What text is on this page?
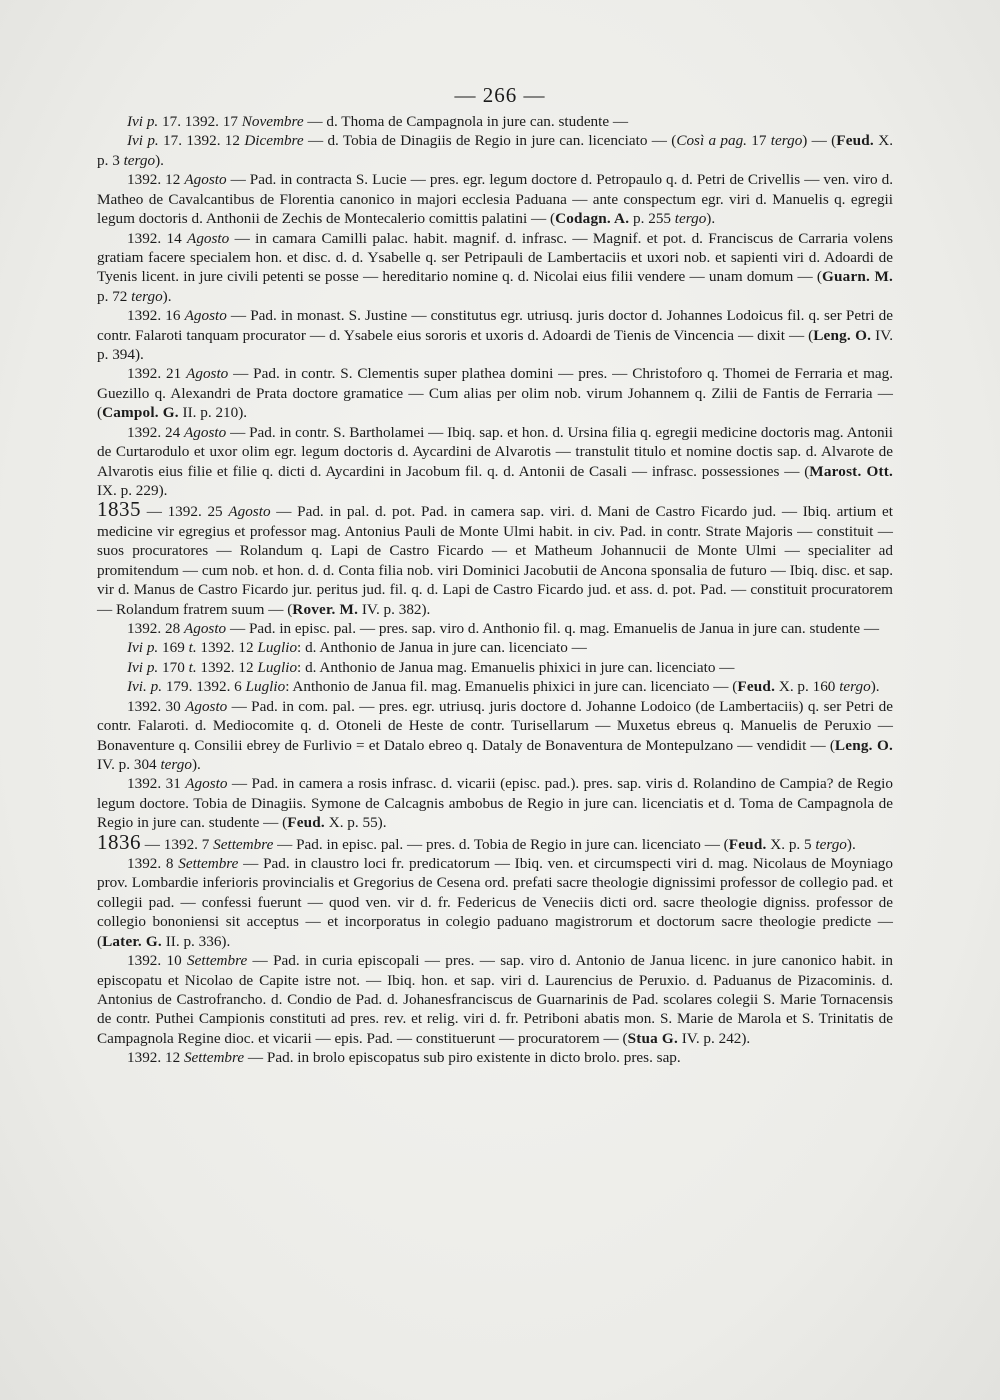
— 266 —

Ivi p. 17. 1392. 17 Novembre — d. Thoma de Campagnola in jure can. studente —

Ivi p. 17. 1392. 12 Dicembre — d. Tobia de Dinagiis de Regio in jure can. licenciato — (Così a pag. 17 tergo) — (Feud. X. p. 3 tergo).

1392. 12 Agosto — Pad. in contracta S. Lucie — pres. egr. legum doctore d. Petropaulo q. d. Petri de Crivellis — ven. viro d. Matheo de Cavalcantibus de Florentia canonico in majori ecclesia Paduana — ante conspectum egr. viri d. Manuelis q. egregii legum doctoris d. Anthonii de Zechis de Montecalerio comittis palatini — (Codagn. A. p. 255 tergo).

1392. 14 Agosto — in camara Camilli palac. habit. magnif. d. infrasc. — Magnif. et pot. d. Franciscus de Carraria volens gratiam facere specialem hon. et disc. d. d. Ysabelle q. ser Petripauli de Lambertaciis et uxori nob. et sapienti viri d. Adoardi de Tyenis licent. in jure civili petenti se posse — hereditario nomine q. d. Nicolai eius filii vendere — unam domum — (Guarn. M. p. 72 tergo).

1392. 16 Agosto — Pad. in monast. S. Justine — constitutus egr. utriusq. juris doctor d. Johannes Lodoicus fil. q. ser Petri de contr. Falaroti tanquam procurator — d. Ysabele eius sororis et uxoris d. Adoardi de Tienis de Vincencia — dixit — (Leng. O. IV. p. 394).

1392. 21 Agosto — Pad. in contr. S. Clementis super plathea domini — pres. — Christoforo q. Thomei de Ferraria et mag. Guezillo q. Alexandri de Prata doctore gramatice — Cum alias per olim nob. virum Johannem q. Zilii de Fantis de Ferraria — (Campol. G. II. p. 210).

1392. 24 Agosto — Pad. in contr. S. Bartholamei — Ibiq. sap. et hon. d. Ursina filia q. egregii medicine doctoris mag. Antonii de Curtarodulo et uxor olim egr. legum doctoris d. Aycardini de Alvarotis — transtulit titulo et nomine doctis sap. d. Alvarote de Alvarotis eius filie et filie q. dicti d. Aycardini in Jacobum fil. q. d. Antonii de Casali — infrasc. possessiones — (Marost. Ott. IX. p. 229).

1835 — 1392. 25 Agosto — Pad. in pal. d. pot. Pad. in camera sap. viri. d. Mani de Castro Ficardo jud. — Ibiq. artium et medicine vir egregius et professor mag. Antonius Pauli de Monte Ulmi habit. in civ. Pad. in contr. Strate Majoris — constituit — suos procuratores — Rolandum q. Lapi de Castro Ficardo — et Matheum Johannucii de Monte Ulmi — specialiter ad promitendum — cum nob. et hon. d. d. Conta filia nob. viri Dominici Jacobutii de Ancona sponsalia de futuro — Ibiq. disc. et sap. vir d. Manus de Castro Ficardo jur. peritus jud. fil. q. d. Lapi de Castro Ficardo jud. et ass. d. pot. Pad. — constituit procuratorem — Rolandum fratrem suum — (Rover. M. IV. p. 382).

1392. 28 Agosto — Pad. in episc. pal. — pres. sap. viro d. Anthonio fil. q. mag. Emanuelis de Janua in jure can. studente —

Ivi p. 169 t. 1392. 12 Luglio: d. Anthonio de Janua in jure can. licenciato —

Ivi p. 170 t. 1392. 12 Luglio: d. Anthonio de Janua mag. Emanuelis phixici in jure can. licenciato —

Ivi. p. 179. 1392. 6 Luglio: Anthonio de Janua fil. mag. Emanuelis phixici in jure can. licenciato — (Feud. X. p. 160 tergo).

1392. 30 Agosto — Pad. in com. pal. — pres. egr. utriusq. juris doctore d. Johanne Lodoico (de Lambertaciis) q. ser Petri de contr. Falaroti. d. Mediocomite q. d. Otoneli de Heste de contr. Turisellarum — Muxetus ebreus q. Manuelis de Peruxio — Bonaventure q. Consilii ebrey de Furlivio = et Datalo ebreo q. Dataly de Bonaventura de Montepulzano — vendidit — (Leng. O. IV. p. 304 tergo).

1392. 31 Agosto — Pad. in camera a rosis infrasc. d. vicarii (episc. pad.). pres. sap. viris d. Rolandino de Campia? de Regio legum doctore. Tobia de Dinagiis. Symone de Calcagnis ambobus de Regio in jure can. licenciatis et d. Toma de Campagnola de Regio in jure can. studente — (Feud. X. p. 55).

1836 — 1392. 7 Settembre — Pad. in episc. pal. — pres. d. Tobia de Regio in jure can. licenciato — (Feud. X. p. 5 tergo).

1392. 8 Settembre — Pad. in claustro loci fr. predicatorum — Ibiq. ven. et circumspecti viri d. mag. Nicolaus de Moyniago prov. Lombardie inferioris provincialis et Gregorius de Cesena ord. prefati sacre theologie dignissimi professor de collegio pad. et collegii pad. — confessi fuerunt — quod ven. vir d. fr. Federicus de Veneciis dicti ord. sacre theologie digniss. professor de collegio bononiensi sit acceptus — et incorporatus in colegio paduano magistrorum et doctorum sacre theologie predicte — (Later. G. II. p. 336).

1392. 10 Settembre — Pad. in curia episcopali — pres. — sap. viro d. Antonio de Janua licenc. in jure canonico habit. in episcopatu et Nicolao de Capite istre not. — Ibiq. hon. et sap. viri d. Laurencius de Peruxio. d. Paduanus de Pizacominis. d. Antonius de Castrofrancho. d. Condio de Pad. d. Johanesfranciscus de Guarnarinis de Pad. scolares colegii S. Marie Tornacensis de contr. Puthei Campionis constituti ad pres. rev. et relig. viri d. fr. Petriboni abatis mon. S. Marie de Marola et S. Trinitatis de Campagnola Regine dioc. et vicarii — epis. Pad. — constituerunt — procuratorem — (Stua G. IV. p. 242).

1392. 12 Settembre — Pad. in brolo episcopatus sub piro existente in dicto brolo. pres. sap.
